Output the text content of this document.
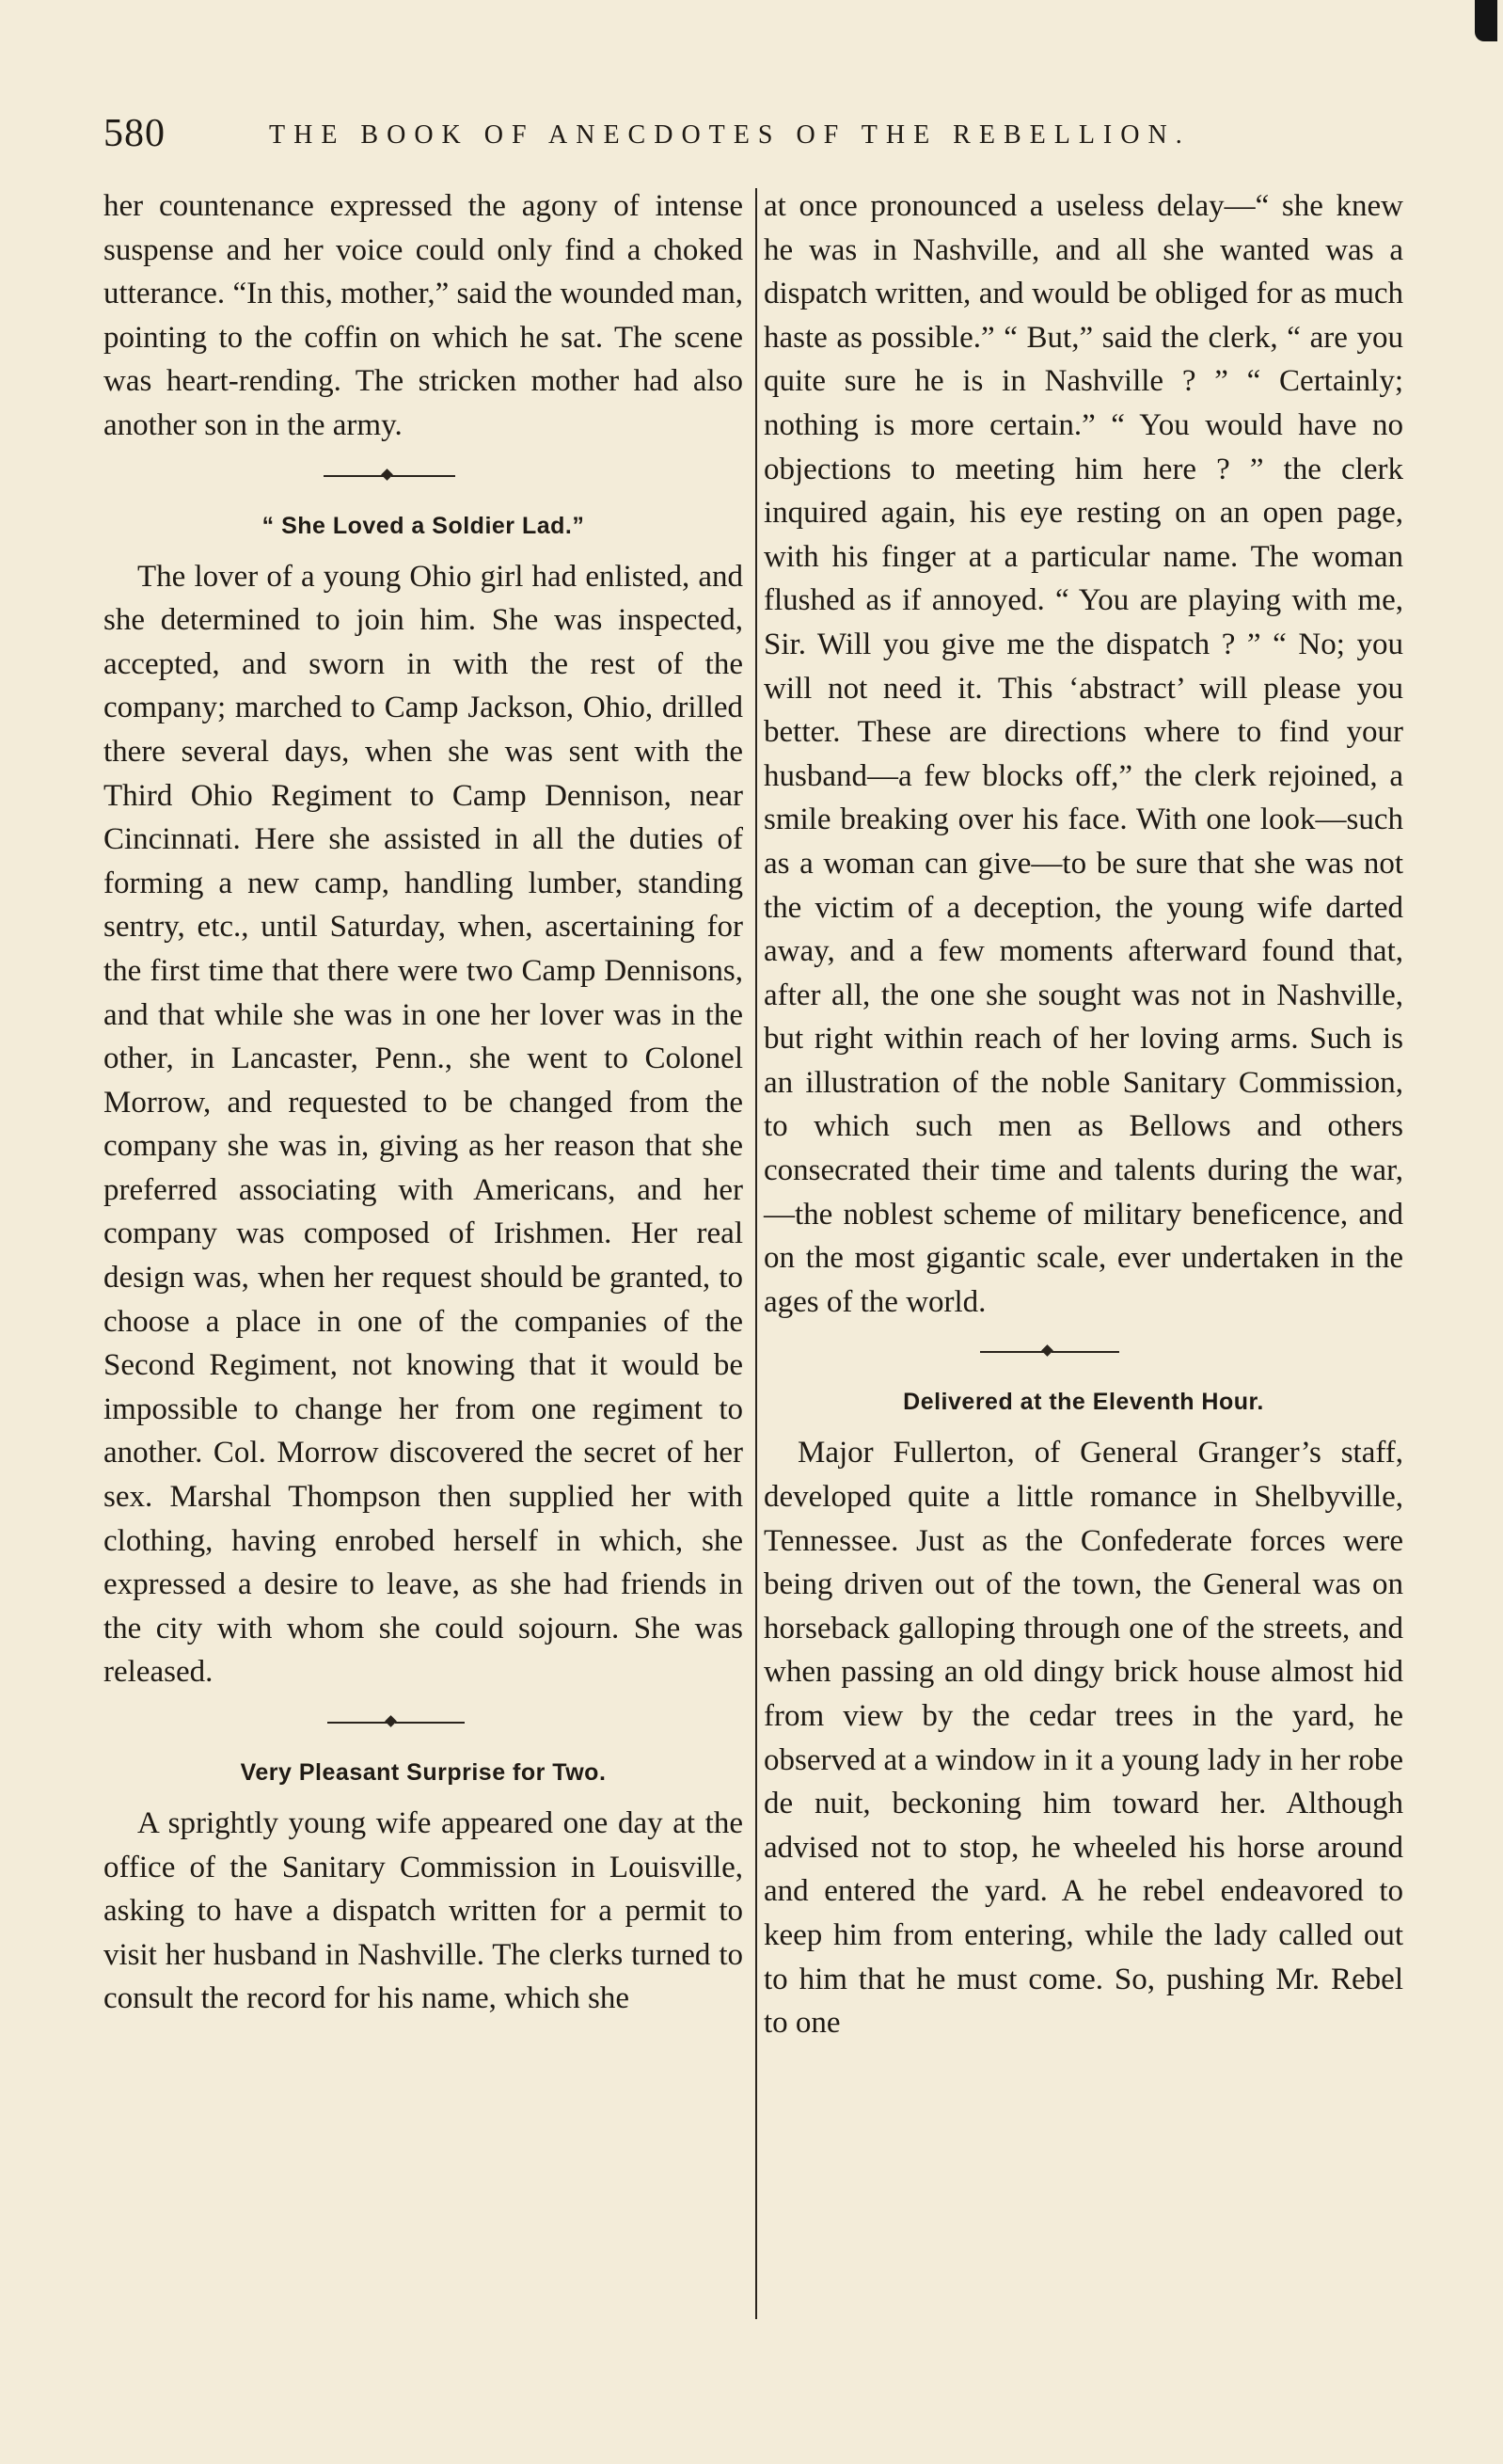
580	THE BOOK OF ANECDOTES OF THE REBELLION.

her countenance expressed the agony of intense suspense and her voice could only find a choked utterance. “In this, mother,” said the wounded man, pointing to the coffin on which he sat. The scene was heart-rending. The stricken mother had also another son in the army.

“ She Loved a Soldier Lad.”

The lover of a young Ohio girl had enlisted, and she determined to join him. She was inspected, accepted, and sworn in with the rest of the company; marched to Camp Jackson, Ohio, drilled there several days, when she was sent with the Third Ohio Regiment to Camp Dennison, near Cincinnati. Here she assisted in all the duties of forming a new camp, handling lumber, standing sentry, etc., until Saturday, when, ascertaining for the first time that there were two Camp Dennisons, and that while she was in one her lover was in the other, in Lancaster, Penn., she went to Colonel Morrow, and requested to be changed from the company she was in, giving as her reason that she preferred associating with Americans, and her company was composed of Irishmen. Her real design was, when her request should be granted, to choose a place in one of the companies of the Second Regiment, not knowing that it would be impossible to change her from one regiment to another. Col. Morrow discovered the secret of her sex. Marshal Thompson then supplied her with clothing, having enrobed herself in which, she expressed a desire to leave, as she had friends in the city with whom she could sojourn. She was released.

Very Pleasant Surprise for Two.

A sprightly young wife appeared one day at the office of the Sanitary Commission in Louisville, asking to have a dispatch written for a permit to visit her husband in Nashville. The clerks turned to consult the record for his name, which she

at once pronounced a useless delay—“ she knew he was in Nashville, and all she wanted was a dispatch written, and would be obliged for as much haste as possible.” “ But,” said the clerk, “ are you quite sure he is in Nashville ? ” “ Certainly; nothing is more certain.” “ You would have no objections to meeting him here ? ” the clerk inquired again, his eye resting on an open page, with his finger at a particular name. The woman flushed as if annoyed. “ You are playing with me, Sir. Will you give me the dispatch ? ” “ No; you will not need it. This ‘abstract’ will please you better. These are directions where to find your husband—a few blocks off,” the clerk rejoined, a smile breaking over his face. With one look—such as a woman can give—to be sure that she was not the victim of a deception, the young wife darted away, and a few moments afterward found that, after all, the one she sought was not in Nashville, but right within reach of her loving arms. Such is an illustration of the noble Sanitary Commission, to which such men as Bellows and others consecrated their time and talents during the war,—the noblest scheme of military beneficence, and on the most gigantic scale, ever undertaken in the ages of the world.

Delivered at the Eleventh Hour.

Major Fullerton, of General Granger’s staff, developed quite a little romance in Shelbyville, Tennessee. Just as the Confederate forces were being driven out of the town, the General was on horseback galloping through one of the streets, and when passing an old dingy brick house almost hid from view by the cedar trees in the yard, he observed at a window in it a young lady in her robe de nuit, beckoning him toward her. Although advised not to stop, he wheeled his horse around and entered the yard. A he rebel endeavored to keep him from entering, while the lady called out to him that he must come. So, pushing Mr. Rebel to one
